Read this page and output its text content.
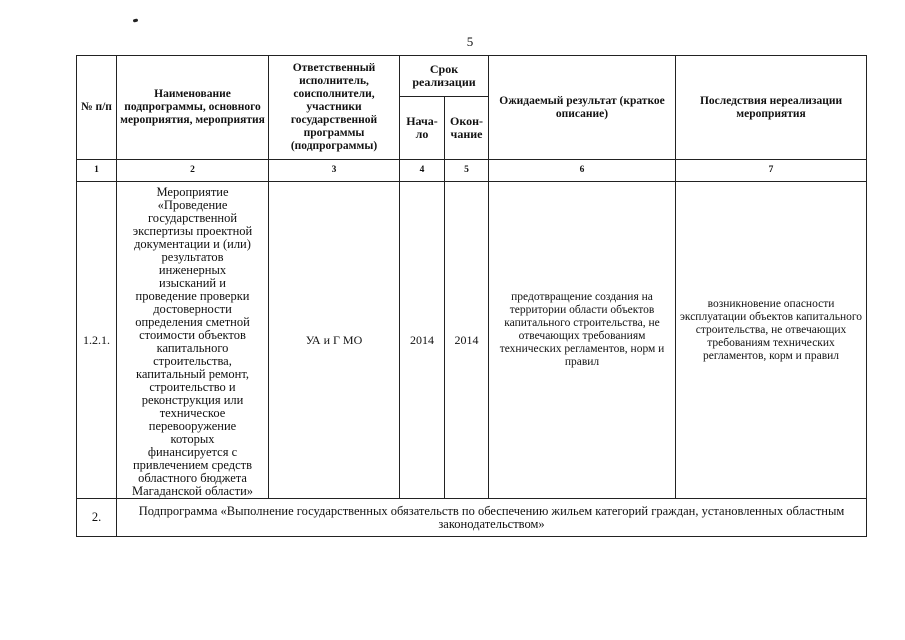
5
№ п/п	Наименование подпрограммы, основного мероприятия, мероприятия	Ответственный исполнитель, соисполнители, участники государственной программы (подпрограммы)	Срок реализации		Ожидаемый результат (краткое описание)	Последствия нереализации мероприятия
			Нача-ло	Окон-чание		
1	2	3	4	5	6	7
1.2.1.	Мероприятие «Проведение государственной экспертизы проектной документации и (или) результатов инженерных изысканий и проведение проверки достоверности определения сметной стоимости объектов капитального строительства, капитальный ремонт, строительство и реконструкция или техническое перевооружение которых финансируется с привлечением средств областного бюджета Магаданской области»	УА и Г МО	2014	2014	предотвращение создания на территории области объектов капитального строительства, не отвечающих требованиям технических регламентов, норм и правил	возникновение опасности эксплуатации объектов капитального строительства, не отвечающих требованиям технических регламентов, корм и правил

2.	Подпрограмма «Выполнение государственных обязательств по обеспечению жильем категорий граждан, установленных областным законодательством»					
